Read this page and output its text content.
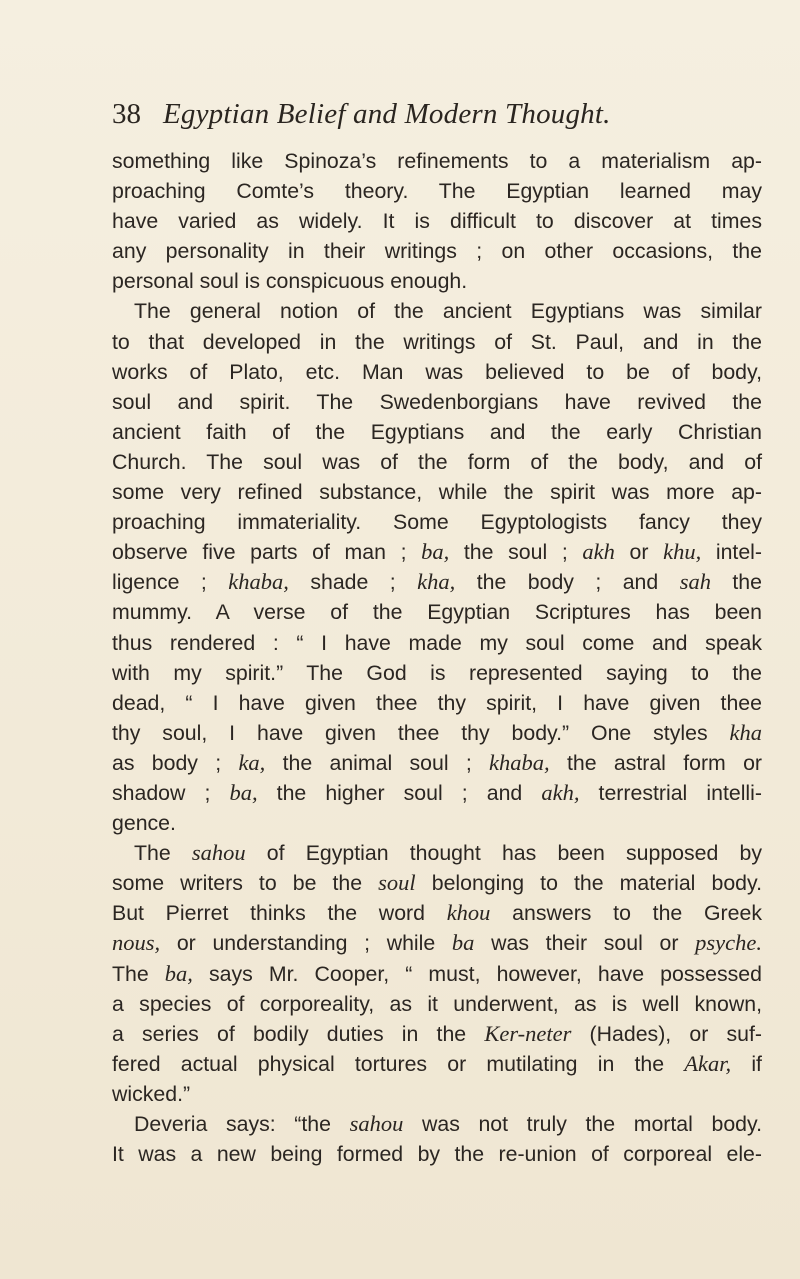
38 Egyptian Belief and Modern Thought.
something like Spinoza’s refinements to a materialism ap-
proaching Comte’s theory. The Egyptian learned may
have varied as widely. It is difficult to discover at times
any personality in their writings ; on other occasions, the
personal soul is conspicuous enough.
The general notion of the ancient Egyptians was similar
to that developed in the writings of St. Paul, and in the
works of Plato, etc. Man was believed to be of body,
soul and spirit. The Swedenborgians have revived the
ancient faith of the Egyptians and the early Christian
Church. The soul was of the form of the body, and of
some very refined substance, while the spirit was more ap-
proaching immateriality. Some Egyptologists fancy they
observe five parts of man ; ba, the soul ; akh or khu, intel-
ligence ; khaba, shade ; kha, the body ; and sah the
mummy. A verse of the Egyptian Scriptures has been
thus rendered : “ I have made my soul come and speak
with my spirit.” The God is represented saying to the
dead, “ I have given thee thy spirit, I have given thee
thy soul, I have given thee thy body.” One styles kha
as body ; ka, the animal soul ; khaba, the astral form or
shadow ; ba, the higher soul ; and akh, terrestrial intelli-
gence.
The sahou of Egyptian thought has been supposed by
some writers to be the soul belonging to the material body.
But Pierret thinks the word khou answers to the Greek
nous, or understanding ; while ba was their soul or psyche.
The ba, says Mr. Cooper, “ must, however, have possessed
a species of corporeality, as it underwent, as is well known,
a series of bodily duties in the Ker-neter (Hades), or suf-
fered actual physical tortures or mutilating in the Akar, if
wicked.”
Deveria says: “the sahou was not truly the mortal body.
It was a new being formed by the re-union of corporeal ele-
